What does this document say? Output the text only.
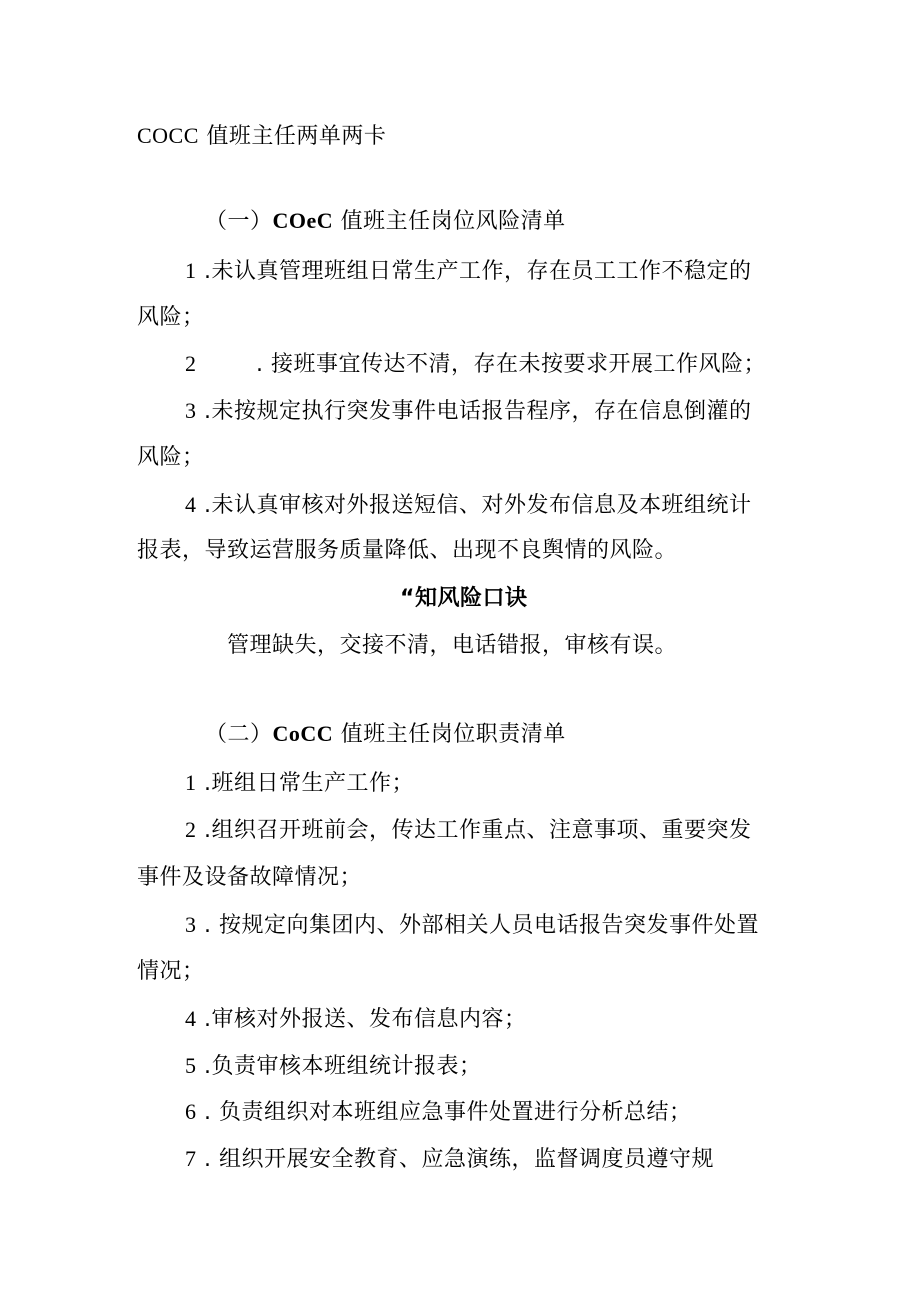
COCC 值班主任两单两卡
（一）COeC 值班主任岗位风险清单
1 .未认真管理班组日常生产工作，存在员工工作不稳定的
风险；
2	. 接班事宜传达不清，存在未按要求开展工作风险；
3 .未按规定执行突发事件电话报告程序，存在信息倒灌的
风险；
4 .未认真审核对外报送短信、对外发布信息及本班组统计
报表，导致运营服务质量降低、出现不良舆情的风险。
“知风险口诀
管理缺失，交接不清，电话错报，审核有误。
（二）CoCC 值班主任岗位职责清单
1 .班组日常生产工作；
2 .组织召开班前会，传达工作重点、注意事项、重要突发
事件及设备故障情况；
3 . 按规定向集团内、外部相关人员电话报告突发事件处置
情况；
4 .审核对外报送、发布信息内容；
5 .负责审核本班组统计报表；
6 . 负责组织对本班组应急事件处置进行分析总结；
7 . 组织开展安全教育、应急演练，监督调度员遵守规
